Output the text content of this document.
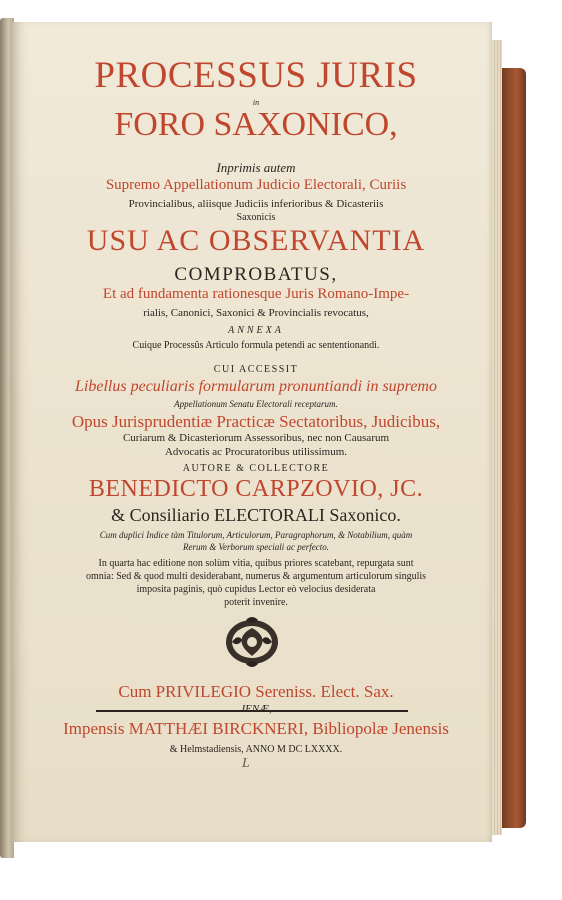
PROCESSUS JURIS
in
FORO SAXONICO,
Inprimis autem
Supremo Appellationum Judicio Electorali, Curiis
Provincialibus, aliisque Judiciis inferioribus & Dicasteriis
Saxonicis
USU AC OBSERVANTIA
COMPROBATUS,
Et ad fundamenta rationesque Juris Romano-Impe-
rialis, Canonici, Saxonici & Provincialis revocatus,
ANNEXA
Cuique Processûs Articulo formula petendi ac sententionandi.
CUI ACCESSIT
Libellus peculiaris formularum pronuntiandi in supremo
Appellationum Senatu Electorali receptarum.
Opus Jurisprudentiæ Practicæ Sectatoribus, Judicibus,
Curiarum & Dicasteriorum Assessoribus, nec non Causarum
Advocatis ac Procuratoribus utilissimum.
AUTORE & COLLECTORE
BENEDICTO CARPZOVIO, JC.
& Consiliario ELECTORALI Saxonico.
Cum duplici Indice tàm Titulorum, Articulorum, Paragraphorum, & Notabilium, quàm
Rerum & Verborum speciali ac perfecto.
In quarta hac editione non solùm vitia, quibus priores scatebant, repurgata sunt
omnia: Sed & quod multi desiderabant, numerus & argumentum articulorum singulis
imposita paginis, quò cupidus Lector eò velocius desiderata
poterit invenire.
Cum PRIVILEGIO Sereniss. Elect. Sax.
JENÆ,
Impensis MATTHÆI BIRCKNERI, Bibliopolæ Jenensis
& Helmstadiensis, ANNO M DC LXXXX.
L
